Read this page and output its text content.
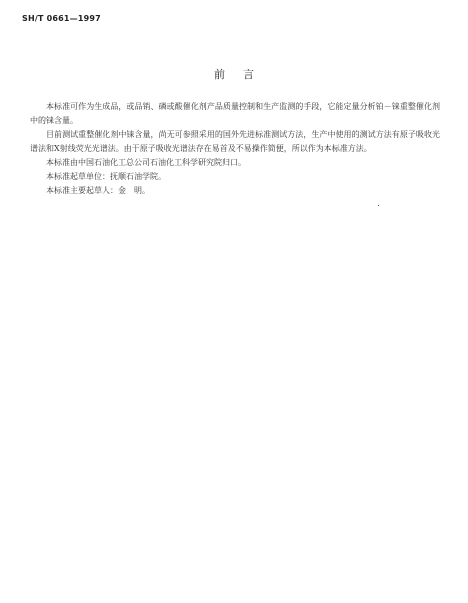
SH/T 0661—1997
前言

本标准可作为生成品，或品销、磷或酸催化剂产品质量控制和生产监测的手段，它能定量分析铂－铼重整催化剂中的铼含量。

目前测试重整催化剂中铼含量，尚无可参照采用的国外先进标准测试方法，生产中使用的测试方法有原子吸收光谱法和X射线荧光光谱法。由于原子吸收光谱法存在易首及不易操作简便，所以作为本标准方法。

本标准由中国石油化工总公司石油化工科学研究院归口。

本标准起草单位：抚顺石油学院。

本标准主要起草人：金　明。
